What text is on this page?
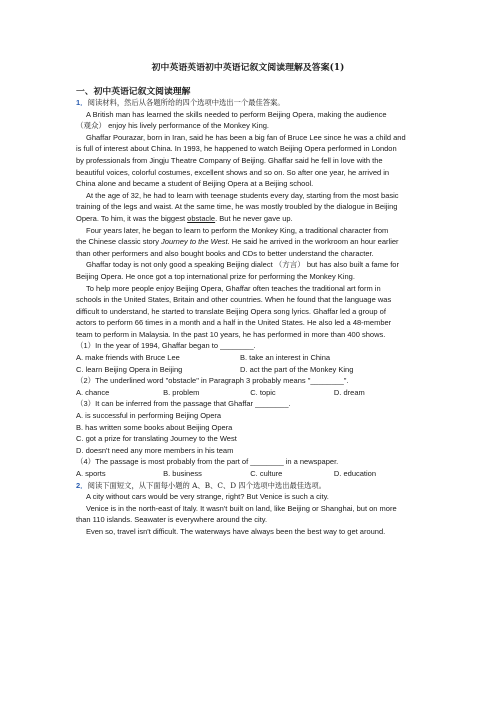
初中英语英语初中英语记叙文阅读理解及答案(1)
一、初中英语记叙文阅读理解

1．阅读材料，然后从各题所给的四个选项中选出一个最佳答案。

A British man has learned the skills needed to perform Beijing Opera, making the audience
（观众） enjoy his lively performance of the Monkey King.

Ghaffar Pourazar, born in Iran, said he has been a big fan of Bruce Lee since he was a child and
is full of interest about China. In 1993, he happened to watch Beijing Opera performed in London
by professionals from Jingju Theatre Company of Beijing. Ghaffar said he fell in love with the
beautiful voices, colorful costumes, excellent shows and so on. So after one year, he arrived in
China alone and became a student of Beijing Opera at a Beijing school.

At the age of 32, he had to learn with teenage students every day, starting from the most basic
training of the legs and waist. At the same time, he was mostly troubled by the dialogue in Beijing
Opera. To him, it was the biggest obstacle. But he never gave up.

Four years later, he began to learn to perform the Monkey King, a traditional character from
the Chinese classic story Journey to the West. He said he arrived in the workroom an hour earlier
than other performers and also bought books and CDs to better understand the character.

Ghaffar today is not only good a speaking Beijing dialect （方言） but has also built a fame for
Beijing Opera. He once got a top international prize for performing the Monkey King.

To help more people enjoy Beijing Opera, Ghaffar often teaches the traditional art form in
schools in the United States, Britain and other countries. When he found that the language was
difficult to understand, he started to translate Beijing Opera song lyrics. Ghaffar led a group of
actors to perform 66 times in a month and a half in the United States. He also led a 48-member
team to perform in Malaysia. In the past 10 years, he has performed in more than 400 shows.

（1）In the year of 1994, Ghaffar began to ________.

A. make friends with Bruce Lee	B. take an interest in China
C. learn Beijing Opera in Beijing	D. act the part of the Monkey King

（2）The underlined word "obstacle" in Paragraph 3 probably means "________".

A. chance	B. problem	C. topic	D. dream

（3）It can be inferred from the passage that Ghaffar ________.

A. is successful in performing Beijing Opera

B. has written some books about Beijing Opera

C. got a prize for translating Journey to the West

D. doesn't need any more members in his team

（4）The passage is most probably from the part of ________ in a newspaper.

A. sports	B. business	C. culture	D. education

2．阅读下面短文，从下面每小题的 A、B、C、D 四个选项中选出最佳选项。

A city without cars would be very strange, right? But Venice is such a city.

Venice is in the north-east of Italy. It wasn't built on land, like Beijing or Shanghai, but on more
than 110 islands. Seawater is everywhere around the city.

Even so, travel isn't difficult. The waterways have always been the best way to get around.
